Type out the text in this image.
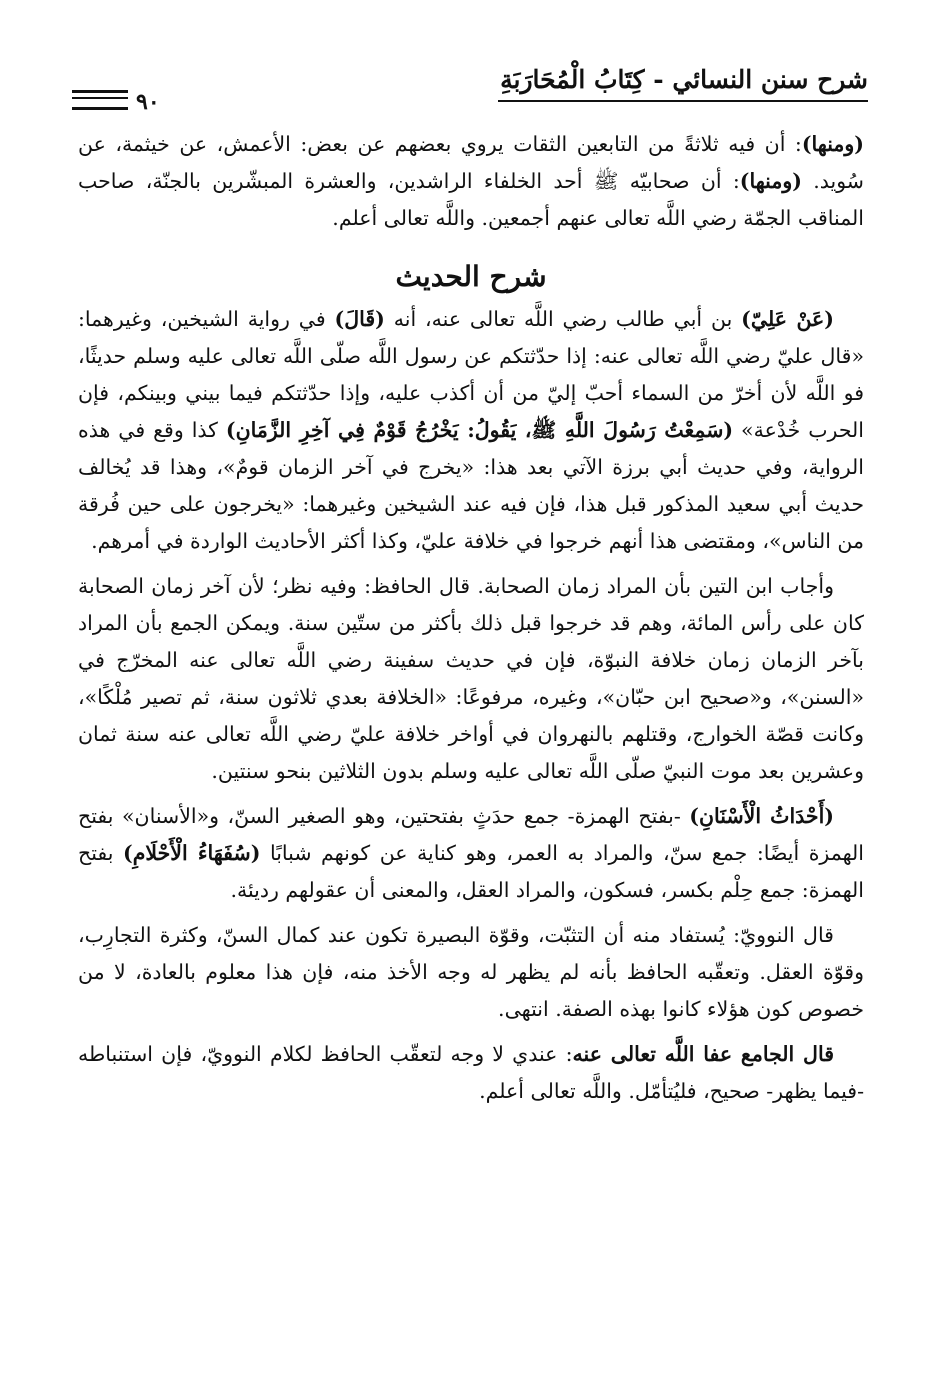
شرح سنن النسائي - كِتَابُ الْمُحَارَبَةِ
٩٠

(ومنها): أن فيه ثلاثةً من التابعين الثقات يروي بعضهم عن بعض: الأعمش، عن خيثمة، عن سُويد. (ومنها): أن صحابيّه ﷺ أحد الخلفاء الراشدين، والعشرة المبشّرين بالجنّة، صاحب المناقب الجمّة رضي اللَّه تعالى عنهم أجمعين. واللَّه تعالى أعلم.

شرح الحديث

(عَنْ عَلِيّ) بن أبي طالب رضي اللَّه تعالى عنه، أنه (قَالَ) في رواية الشيخين، وغيرهما: «قال عليّ رضي اللَّه تعالى عنه: إذا حدّثتكم عن رسول اللَّه صلّى اللَّه تعالى عليه وسلم حديثًا، فو اللَّه لأن أخرّ من السماء أحبّ إليّ من أن أكذب عليه، وإذا حدّثتكم فيما بيني وبينكم، فإن الحرب خُدْعة» (سَمِعْتُ رَسُولَ اللَّهِ ﷺ، يَقُولُ: يَخْرُجُ قَوْمٌ فِي آخِرِ الزَّمَانِ) كذا وقع في هذه الرواية، وفي حديث أبي برزة الآتي بعد هذا: «يخرج في آخر الزمان قومٌ»، وهذا قد يُخالف حديث أبي سعيد المذكور قبل هذا، فإن فيه عند الشيخين وغيرهما: «يخرجون على حين فُرقة من الناس»، ومقتضى هذا أنهم خرجوا في خلافة عليّ، وكذا أكثر الأحاديث الواردة في أمرهم.

وأجاب ابن التين بأن المراد زمان الصحابة. قال الحافظ: وفيه نظر؛ لأن آخر زمان الصحابة كان على رأس المائة، وهم قد خرجوا قبل ذلك بأكثر من ستّين سنة. ويمكن الجمع بأن المراد بآخر الزمان زمان خلافة النبوّة، فإن في حديث سفينة رضي اللَّه تعالى عنه المخرّج في «السنن»، و«صحيح ابن حبّان»، وغيره، مرفوعًا: «الخلافة بعدي ثلاثون سنة، ثم تصير مُلْكًا»، وكانت قصّة الخوارج، وقتلهم بالنهروان في أواخر خلافة عليّ رضي اللَّه تعالى عنه سنة ثمان وعشرين بعد موت النبيّ صلّى اللَّه تعالى عليه وسلم بدون الثلاثين بنحو سنتين.

(أَحْدَاثُ الْأَسْنَانِ) -بفتح الهمزة- جمع حدَثٍ بفتحتين، وهو الصغير السنّ، و«الأسنان» بفتح الهمزة أيضًا: جمع سنّ، والمراد به العمر، وهو كناية عن كونهم شبابًا (سُفَهَاءُ الْأَحْلَامِ) بفتح الهمزة: جمع حِلْم بكسر، فسكون، والمراد العقل، والمعنى أن عقولهم رديئة.

قال النوويّ: يُستفاد منه أن التثبّت، وقوّة البصيرة تكون عند كمال السنّ، وكثرة التجارِب، وقوّة العقل. وتعقّبه الحافظ بأنه لم يظهر له وجه الأخذ منه، فإن هذا معلوم بالعادة، لا من خصوص كون هؤلاء كانوا بهذه الصفة. انتهى.

قال الجامع عفا اللَّه تعالى عنه: عندي لا وجه لتعقّب الحافظ لكلام النوويّ، فإن استنباطه -فيما يظهر- صحيح، فليُتأمّل. واللَّه تعالى أعلم.
